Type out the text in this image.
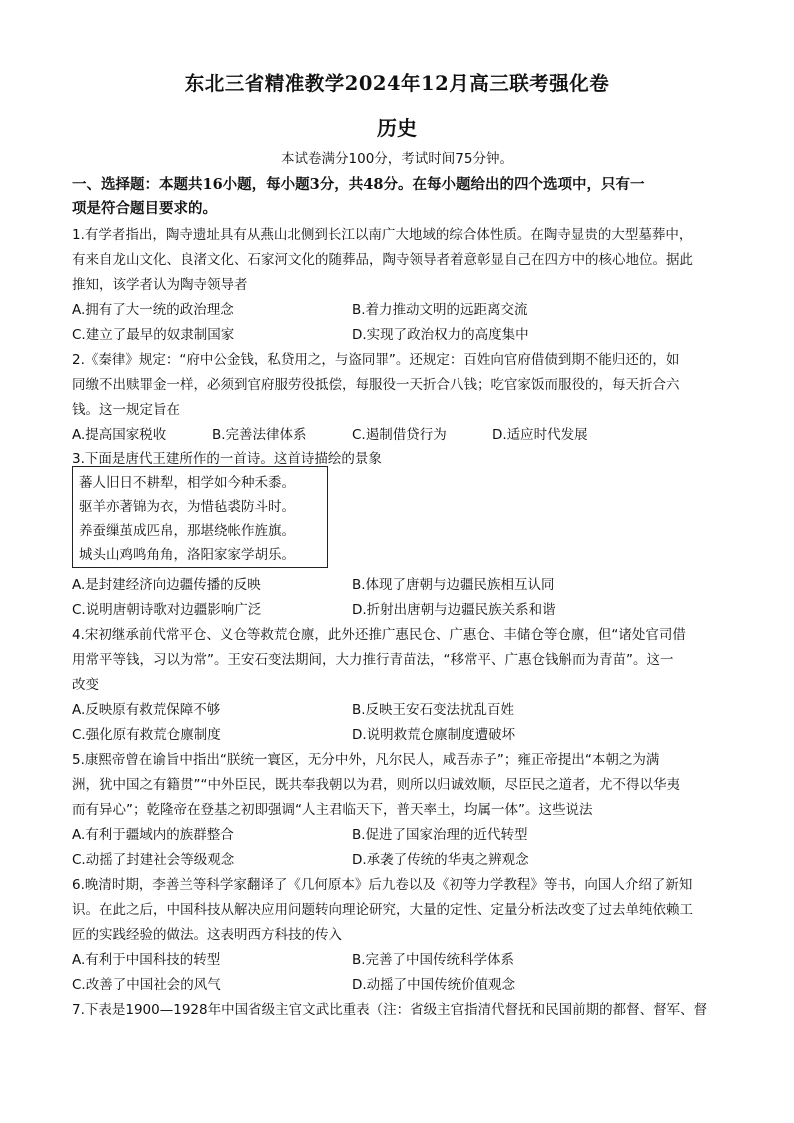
东北三省精准教学2024年12月高三联考强化卷
历史
本试卷满分100分，考试时间75分钟。
一、选择题：本题共16小题，每小题3分，共48分。在每小题给出的四个选项中，只有一
项是符合题目要求的。
1.有学者指出，陶寺遗址具有从燕山北侧到长江以南广大地域的综合体性质。在陶寺显贵的大型墓葬中，
有来自龙山文化、良渚文化、石家河文化的随葬品，陶寺领导者着意彰显自己在四方中的核心地位。据此
推知，该学者认为陶寺领导者
A.拥有了大一统的政治理念	B.着力推动文明的远距离交流
C.建立了最早的奴隶制国家	D.实现了政治权力的高度集中
2.《秦律》规定：“府中公金钱，私贷用之，与盗同罪”。还规定：百姓向官府借债到期不能归还的，如
同缴不出赎罪金一样，必须到官府服劳役抵偿，每服役一天折合八钱；吃官家饭而服役的，每天折合六
钱。这一规定旨在
A.提高国家税收	B.完善法律体系	C.遏制借贷行为	D.适应时代发展
3.下面是唐代王建所作的一首诗。这首诗描绘的景象
蕃人旧日不耕犁，相学如今种禾黍。
驱羊亦著锦为衣，为惜毡裘防斗时。
养蚕缫茧成匹帛，那堪绕帐作旌旗。
城头山鸡鸣角角，洛阳家家学胡乐。
A.是封建经济向边疆传播的反映	B.体现了唐朝与边疆民族相互认同
C.说明唐朝诗歌对边疆影响广泛	D.折射出唐朝与边疆民族关系和谐
4.宋初继承前代常平仓、义仓等救荒仓廪，此外还推广惠民仓、广惠仓、丰储仓等仓廪，但“诸处官司借
用常平等钱，习以为常”。王安石变法期间，大力推行青苗法，“移常平、广惠仓钱斛而为青苗”。这一
改变
A.反映原有救荒保障不够	B.反映王安石变法扰乱百姓
C.强化原有救荒仓廪制度	D.说明救荒仓廪制度遭破坏
5.康熙帝曾在谕旨中指出“朕统一寰区，无分中外，凡尔民人，咸吾赤子”；雍正帝提出“本朝之为满
洲，犹中国之有籍贯”“中外臣民，既共奉我朝以为君，则所以归诚效顺，尽臣民之道者，尤不得以华夷
而有异心”；乾隆帝在登基之初即强调“人主君临天下，普天率土，均属一体”。这些说法
A.有利于疆域内的族群整合	B.促进了国家治理的近代转型
C.动摇了封建社会等级观念	D.承袭了传统的华夷之辨观念
6.晚清时期，李善兰等科学家翻译了《几何原本》后九卷以及《初等力学教程》等书，向国人介绍了新知
识。在此之后，中国科技从解决应用问题转向理论研究，大量的定性、定量分析法改变了过去单纯依赖工
匠的实践经验的做法。这表明西方科技的传入
A.有利于中国科技的转型	B.完善了中国传统科学体系
C.改善了中国社会的风气	D.动摇了中国传统价值观念
7.下表是1900—1928年中国省级主官文武比重表（注：省级主官指清代督抚和民国前期的都督、督军、督
